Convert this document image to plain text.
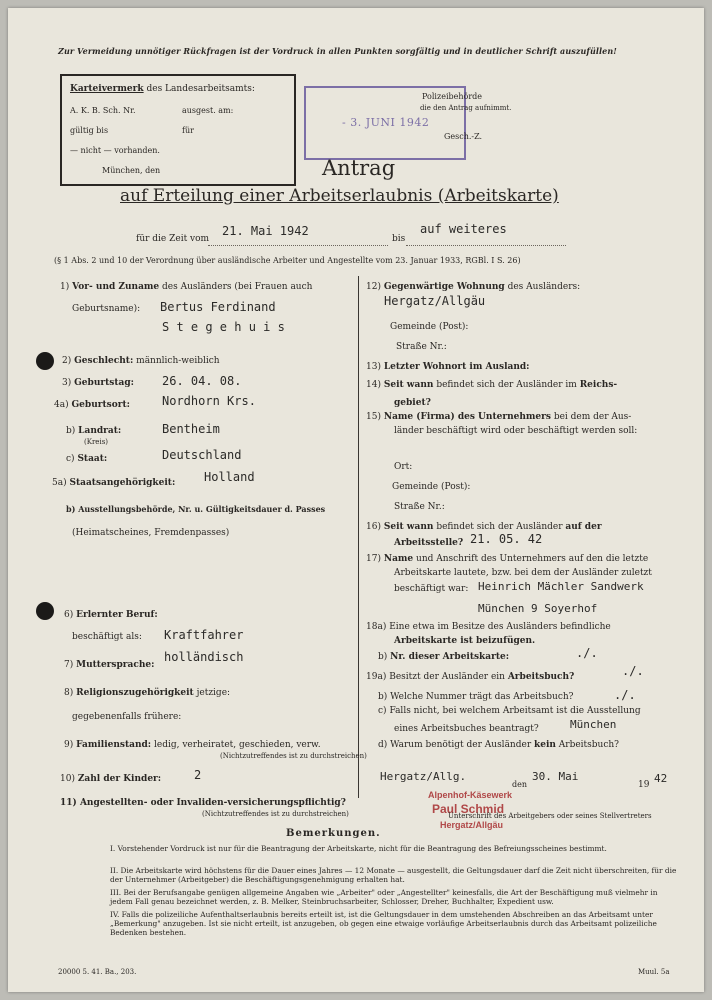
Zur Vermeidung unnötiger Rückfragen ist der Vordruck in allen Punkten sorgfältig und in deutlicher Schrift auszufüllen!
Karteivermerk des Landesarbeitsamts:
A. K. B. Sch. Nr.	ausgest. am:
gültig bis	für
— nicht — vorhanden.
München, den
- 3. JUNI 1942
Polizeibehörde
die den Antrag aufnimmt.
Gesch.-Z.
Antrag
auf Erteilung einer Arbeitserlaubnis (Arbeitskarte)
für die Zeit vom
21. Mai 1942
bis
auf weiteres
(§ 1 Abs. 2 und 10 der Verordnung über ausländische Arbeiter und Angestellte vom 23. Januar 1933, RGBl. I S. 26)
1) Vor- und Zuname des Ausländers (bei Frauen auch
Geburtsname): Bertus Ferdinand
S t e g e h u i s
2) Geschlecht: männlich-weiblich
3) Geburtstag: 26. 04. 08.
4a) Geburtsort:	Nordhorn Krs.
b) Landrat:
(Kreis)
Bentheim
c) Staat:	Deutschland
5a) Staatsangehörigkeit: Holland
b) Ausstellungsbehörde, Nr. u. Gültigkeitsdauer d. Passes
(Heimatscheines, Fremdenpasses)
6) Erlernter Beruf:
beschäftigt als: Kraftfahrer
7) Muttersprache:
holländisch
8) Religionszugehörigkeit jetzige:
gegebenenfalls frühere:
9) Familienstand: ledig, verheiratet, geschieden, verw.
(Nichtzutreffendes ist zu durchstreichen)
10) Zahl der Kinder:	2
11) Angestellten- oder Invaliden-versicherungspflichtig?
(Nichtzutreffendes ist zu durchstreichen)
12) Gegenwärtige Wohnung des Ausländers:
Hergatz/Allgäu
Gemeinde (Post):
Straße Nr.:
13) Letzter Wohnort im Ausland:
14) Seit wann befindet sich der Ausländer im Reichs-
gebiet?
15) Name (Firma) des Unternehmers bei dem der Aus-
länder beschäftigt wird oder beschäftigt werden soll:
Ort:
Gemeinde (Post):
Straße Nr.:
16) Seit wann befindet sich der Ausländer auf der
Arbeitsstelle? 21. 05. 42
17) Name und Anschrift des Unternehmers auf den die letzte
Arbeitskarte lautete, bzw. bei dem der Ausländer zuletzt
beschäftigt war: Heinrich Mächler Sandwerk
München 9 Soyerhof
18a) Eine etwa im Besitze des Ausländers befindliche
Arbeitskarte ist beizufügen.
b) Nr. dieser Arbeitskarte:	./.
19a) Besitzt der Ausländer ein Arbeitsbuch?	./.
b) Welche Nummer trägt das Arbeitsbuch?	./.
c) Falls nicht, bei welchem Arbeitsamt ist die Ausstellung
eines Arbeitsbuches beantragt?	München
d) Warum benötigt der Ausländer kein Arbeitsbuch?
Hergatz/Allg.
den
30. Mai
19 42
Alpenhof-Käsewerk
Paul Schmid
Hergatz/Allgäu
Unterschrift des Arbeitgebers oder seines Stellvertreters
Bemerkungen.

I. Vorstehender Vordruck ist nur für die Beantragung der Arbeitskarte, nicht für die Beantragung des Befreiungsscheines bestimmt.

II. Die Arbeitskarte wird höchstens für die Dauer eines Jahres — 12 Monate — ausgestellt, die Geltungsdauer darf die Zeit nicht überschreiten, für die der Unternehmer (Arbeitgeber) die Beschäftigungsgenehmigung erhalten hat.

III. Bei der Berufsangabe genügen allgemeine Angaben wie „Arbeiter" oder „Angestellter" keinesfalls, die Art der Beschäftigung muß vielmehr in jedem Fall genau bezeichnet werden, z. B. Melker, Steinbruchsarbeiter, Schlosser, Dreher, Buchhalter, Expedient usw.

IV. Falls die polizeiliche Aufenthaltserlaubnis bereits erteilt ist, ist die Geltungsdauer in dem umstehenden Abschreiben an das Arbeitsamt unter „Bemerkung" anzugeben. Ist sie nicht erteilt, ist anzugeben, ob gegen eine etwaige vorläufige Arbeitserlaubnis durch das Arbeitsamt polizeiliche Bedenken bestehen.

20000 5. 41. Ba., 203.	Muul. 5a
